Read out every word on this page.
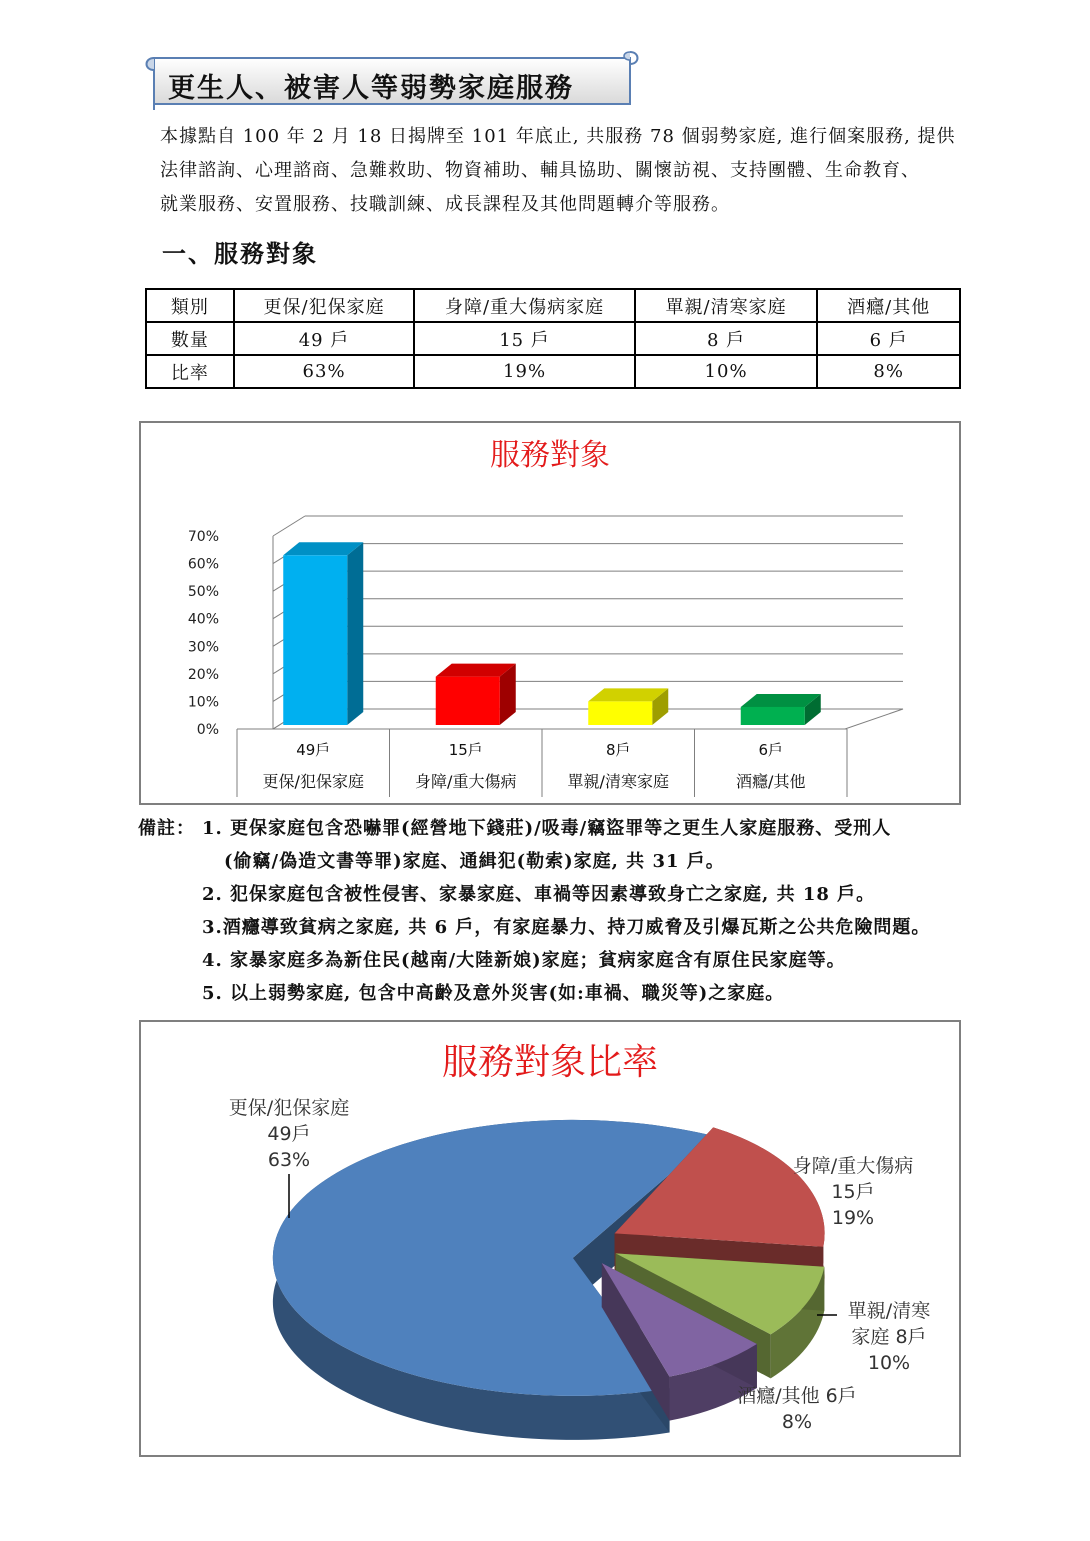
更生人、被害人等弱勢家庭服務
本據點自 100 年 2 月 18 日揭牌至 101 年底止, 共服務 78 個弱勢家庭, 進行個案服務, 提供
法律諮詢、心理諮商、急難救助、物資補助、輔具協助、關懷訪視、支持團體、生命教育、
就業服務、安置服務、技職訓練、成長課程及其他問題轉介等服務。
一、服務對象
類別	更保/犯保家庭	身障/重大傷病家庭	單親/清寒家庭	酒癮/其他
數量	49 戶	15 戶	8 戶	6 戶
比率	63%	19%	10%	8%
服務對象
0%
10%
20%
30%
40%
50%
60%
70%
49戶
更保/犯保家庭
15戶
身障/重大傷病
8戶
單親/清寒家庭
6戶
酒癮/其他
備註： 1. 更保家庭包含恐嚇罪(經營地下錢莊)/吸毒/竊盜罪等之更生人家庭服務、受刑人
(偷竊/偽造文書等罪)家庭、通緝犯(勒索)家庭, 共 31 戶。
2. 犯保家庭包含被性侵害、家暴家庭、車禍等因素導致身亡之家庭, 共 18 戶。
3.酒癮導致貧病之家庭, 共 6 戶，有家庭暴力、持刀威脅及引爆瓦斯之公共危險問題。
4. 家暴家庭多為新住民(越南/大陸新娘)家庭；貧病家庭含有原住民家庭等。
5. 以上弱勢家庭, 包含中高齡及意外災害(如:車禍、職災等)之家庭。
服務對象比率
更保/犯保家庭
49戶
63%	身障/重大傷病
15戶
19%
單親/清寒
家庭 8戶
10%
酒癮/其他 6戶
8%
